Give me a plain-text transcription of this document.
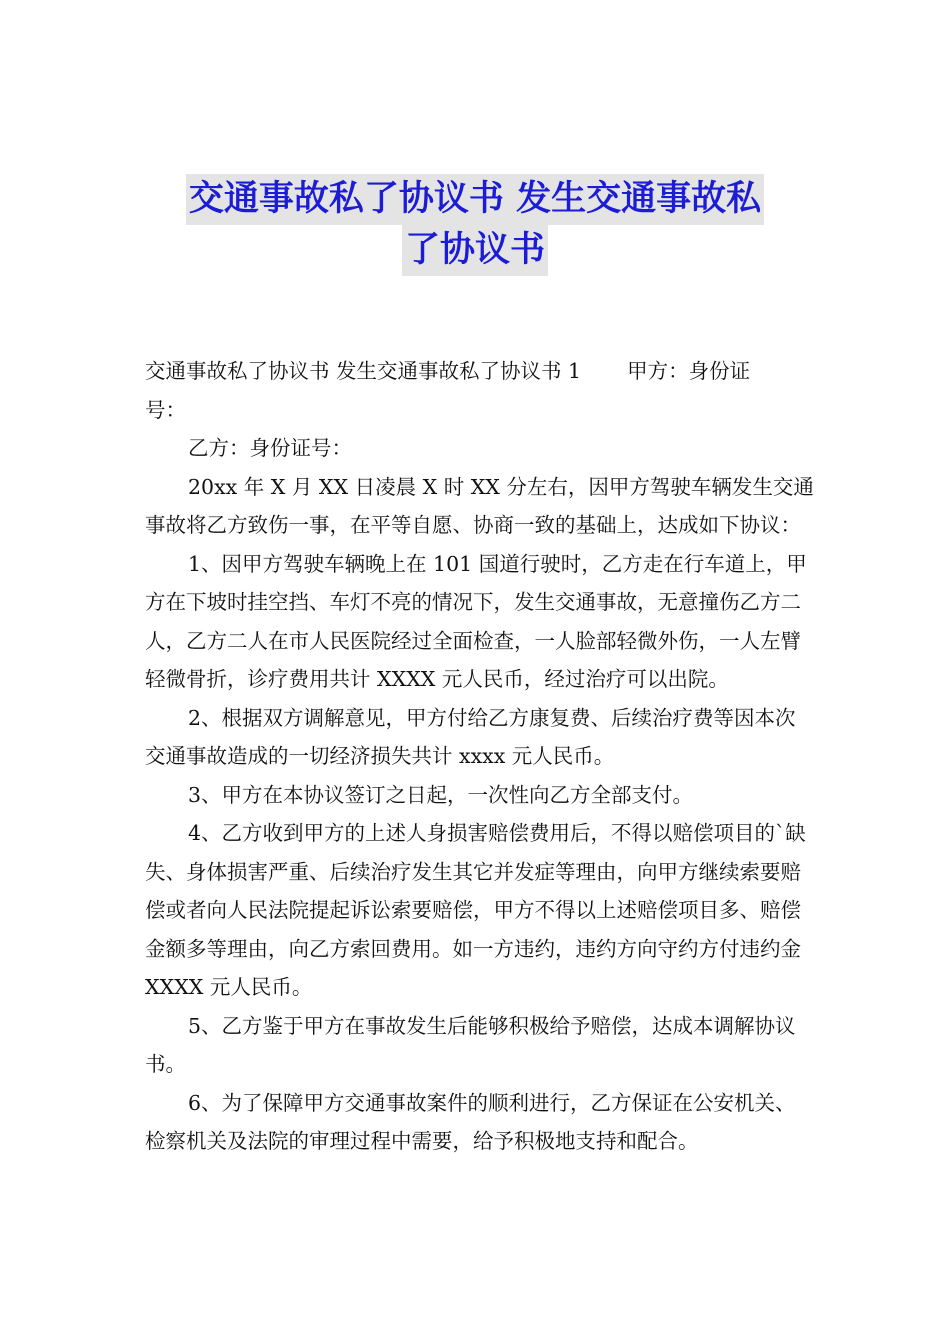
交通事故私了协议书 发生交通事故私
了协议书

交通事故私了协议书 发生交通事故私了协议书 1 甲方：身份证
号：

乙方：身份证号：

20xx 年 X 月 XX 日凌晨 X 时 XX 分左右，因甲方驾驶车辆发生交通事故将乙方致伤一事，在平等自愿、协商一致的基础上，达成如下协议：

1、因甲方驾驶车辆晚上在 101 国道行驶时，乙方走在行车道上，甲方在下坡时挂空挡、车灯不亮的情况下，发生交通事故，无意撞伤乙方二人，乙方二人在市人民医院经过全面检查，一人脸部轻微外伤，一人左臂轻微骨折，诊疗费用共计 XXXX 元人民币，经过治疗可以出院。

2、根据双方调解意见，甲方付给乙方康复费、后续治疗费等因本次交通事故造成的一切经济损失共计 xxxx 元人民币。

3、甲方在本协议签订之日起，一次性向乙方全部支付。

4、乙方收到甲方的上述人身损害赔偿费用后，不得以赔偿项目的`缺失、身体损害严重、后续治疗发生其它并发症等理由，向甲方继续索要赔偿或者向人民法院提起诉讼索要赔偿，甲方不得以上述赔偿项目多、赔偿金额多等理由，向乙方索回费用。如一方违约，违约方向守约方付违约金 XXXX 元人民币。

5、乙方鉴于甲方在事故发生后能够积极给予赔偿，达成本调解协议书。

6、为了保障甲方交通事故案件的顺利进行，乙方保证在公安机关、检察机关及法院的审理过程中需要，给予积极地支持和配合。
